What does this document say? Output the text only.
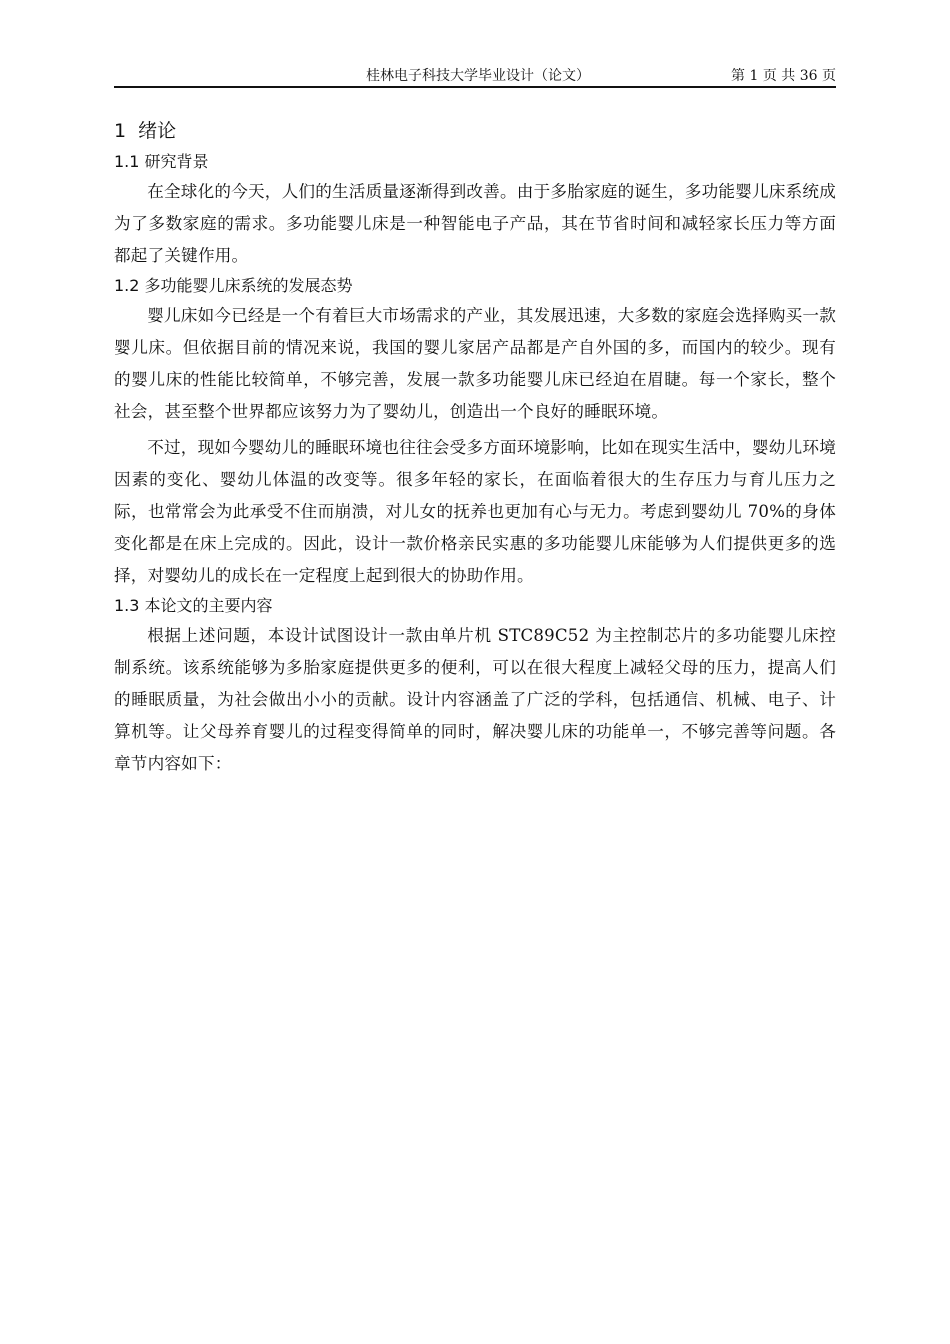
桂林电子科技大学毕业设计（论文）	第 1 页 共 36 页
1  绪论
1.1 研究背景

在全球化的今天，人们的生活质量逐渐得到改善。由于多胎家庭的诞生，多功能婴儿床系统成为了多数家庭的需求。多功能婴儿床是一种智能电子产品，其在节省时间和减轻家长压力等方面都起了关键作用。

1.2 多功能婴儿床系统的发展态势

婴儿床如今已经是一个有着巨大市场需求的产业，其发展迅速，大多数的家庭会选择购买一款婴儿床。但依据目前的情况来说，我国的婴儿家居产品都是产自外国的多，而国内的较少。现有的婴儿床的性能比较简单，不够完善，发展一款多功能婴儿床已经迫在眉睫。每一个家长，整个社会，甚至整个世界都应该努力为了婴幼儿，创造出一个良好的睡眠环境。

不过，现如今婴幼儿的睡眠环境也往往会受多方面环境影响，比如在现实生活中，婴幼儿环境因素的变化、婴幼儿体温的改变等。很多年轻的家长，在面临着很大的生存压力与育儿压力之际，也常常会为此承受不住而崩溃，对儿女的抚养也更加有心与无力。考虑到婴幼儿 70%的身体变化都是在床上完成的。因此，设计一款价格亲民实惠的多功能婴儿床能够为人们提供更多的选择，对婴幼儿的成长在一定程度上起到很大的协助作用。

1.3 本论文的主要内容

根据上述问题，本设计试图设计一款由单片机 STC89C52 为主控制芯片的多功能婴儿床控制系统。该系统能够为多胎家庭提供更多的便利，可以在很大程度上减轻父母的压力，提高人们的睡眠质量，为社会做出小小的贡献。设计内容涵盖了广泛的学科，包括通信、机械、电子、计算机等。让父母养育婴儿的过程变得简单的同时，解决婴儿床的功能单一，不够完善等问题。各章节内容如下：
